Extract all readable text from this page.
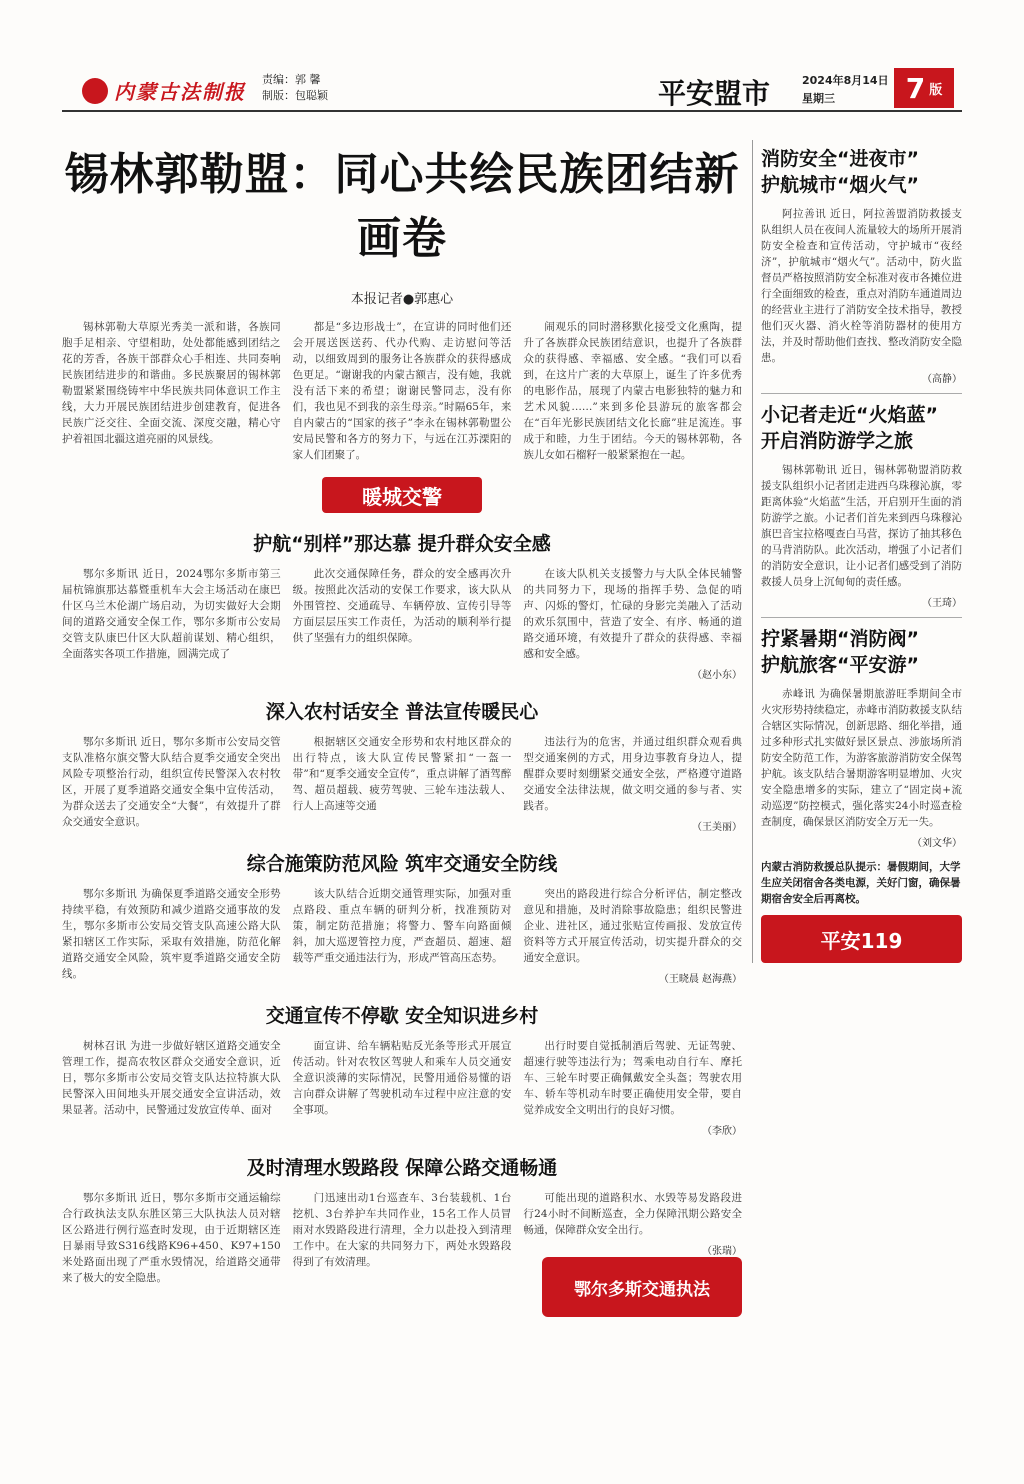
内蒙古法制报
责编：郭 馨
制版：包聪颖	平安盟市	2024年8月14日
星期三	7 版
锡林郭勒盟：同心共绘民族团结新画卷
本报记者●郭惠心

锡林郭勒大草原光秀美一派和谐，各族同胞手足相亲、守望相助，处处都能感到团结之花的芳香，各族干部群众心手相连、共同奏响民族团结进步的和谐曲。多民族聚居的锡林郭勒盟紧紧围绕铸牢中华民族共同体意识工作主线，大力开展民族团结进步创建教育，促进各民族广泛交往、全面交流、深度交融，精心守护着祖国北疆这道亮丽的风景线。

都是“多边形战士”，在宣讲的同时他们还会开展送医送药、代办代购、走访慰问等活动，以细致周到的服务让各族群众的获得感成色更足。“谢谢我的内蒙古额吉，没有她，我就没有活下来的希望；谢谢民警同志，没有你们，我也见不到我的亲生母亲。”时隔65年，来自内蒙古的“国家的孩子”李永在锡林郭勒盟公安局民警和各方的努力下，与远在江苏溧阳的家人们团聚了。

闹观乐的同时潜移默化接受文化熏陶，提升了各族群众民族团结意识，也提升了各族群众的获得感、幸福感、安全感。“我们可以看到，在这片广袤的大草原上，诞生了许多优秀的电影作品，展现了内蒙古电影独特的魅力和艺术风貌……”来到多伦县游玩的旅客都会在“百年光影民族团结文化长廊”驻足流连。事成于和睦，力生于团结。今天的锡林郭勒，各族儿女如石榴籽一般紧紧抱在一起。

暖城交警
护航“别样”那达慕 提升群众安全感

鄂尔多斯讯 近日，2024鄂尔多斯市第三届杭锦旗那达慕暨重机车大会主场活动在康巴什区乌兰木伦湖广场启动，为切实做好大会期间的道路交通安全保工作，鄂尔多斯市公安局交管支队康巴什区大队超前谋划、精心组织，全面落实各项工作措施，圆满完成了

此次交通保障任务，群众的安全感再次升级。按照此次活动的安保工作要求，该大队从外围管控、交通疏导、车辆停放、宣传引导等方面层层压实工作责任，为活动的顺利举行提供了坚强有力的组织保障。

在该大队机关支援警力与大队全体民辅警的共同努力下，现场的指挥手势、急促的哨声、闪烁的警灯，忙碌的身影完美融入了活动的欢乐氛围中，营造了安全、有序、畅通的道路交通环境，有效提升了群众的获得感、幸福感和安全感。

（赵小东）
深入农村话安全 普法宣传暖民心

鄂尔多斯讯 近日，鄂尔多斯市公安局交管支队准格尔旗交警大队结合夏季交通安全突出风险专项整治行动，组织宣传民警深入农村牧区，开展了夏季道路交通安全集中宣传活动，为群众送去了交通安全“大餐”，有效提升了群众交通安全意识。

根据辖区交通安全形势和农村地区群众的出行特点，该大队宣传民警紧扣“一盔一带”和“夏季交通安全宣传”，重点讲解了酒驾醉驾、超员超载、疲劳驾驶、三轮车违法载人、行人上高速等交通

违法行为的危害，并通过组织群众观看典型交通案例的方式，用身边事教育身边人，提醒群众要时刻绷紧交通安全弦，严格遵守道路交通安全法律法规，做文明交通的参与者、实践者。

（王美丽）
综合施策防范风险 筑牢交通安全防线

鄂尔多斯讯 为确保夏季道路交通安全形势持续平稳，有效预防和减少道路交通事故的发生，鄂尔多斯市公安局交管支队高速公路大队紧扣辖区工作实际，采取有效措施，防范化解道路交通安全风险，筑牢夏季道路交通安全防线。

该大队结合近期交通管理实际，加强对重点路段、重点车辆的研判分析，找准预防对策，制定防范措施；将警力、警车向路面倾斜，加大巡逻管控力度，严查超员、超速、超载等严重交通违法行为，形成严管高压态势。

突出的路段进行综合分析评估，制定整改意见和措施，及时消除事故隐患；组织民警进企业、进社区，通过张贴宣传画报、发放宣传资料等方式开展宣传活动，切实提升群众的交通安全意识。

（王晓晨 赵海燕）
交通宣传不停歇 安全知识进乡村

树林召讯 为进一步做好辖区道路交通安全管理工作，提高农牧区群众交通安全意识，近日，鄂尔多斯市公安局交管支队达拉特旗大队民警深入田间地头开展交通安全宣讲活动，效果显著。活动中，民警通过发放宣传单、面对

面宣讲、给车辆粘贴反光条等形式开展宣传活动。针对农牧区驾驶人和乘车人员交通安全意识淡薄的实际情况，民警用通俗易懂的语言向群众讲解了驾驶机动车过程中应注意的安全事项。

出行时要自觉抵制酒后驾驶、无证驾驶、超速行驶等违法行为；驾乘电动自行车、摩托车、三轮车时要正确佩戴安全头盔；驾驶农用车、轿车等机动车时要正确使用安全带，要自觉养成安全文明出行的良好习惯。

（李欣）
及时清理水毁路段 保障公路交通畅通

鄂尔多斯讯 近日，鄂尔多斯市交通运输综合行政执法支队东胜区第三大队执法人员对辖区公路进行例行巡查时发现，由于近期辖区连日暴雨导致S316线路K96+450、K97+150米处路面出现了严重水毁情况，给道路交通带来了极大的安全隐患。

门迅速出动1台巡查车、3台装载机、1台挖机、3台养护车共同作业，15名工作人员冒雨对水毁路段进行清理，全力以赴投入到清理工作中。在大家的共同努力下，两处水毁路段得到了有效清理。

可能出现的道路积水、水毁等易发路段进行24小时不间断巡查，全力保障汛期公路安全畅通，保障群众安全出行。

（张瑞）
鄂尔多斯交通执法
消防安全“进夜市”
护航城市“烟火气”

阿拉善讯 近日，阿拉善盟消防救援支队组织人员在夜间人流量较大的场所开展消防安全检查和宣传活动，守护城市“夜经济”，护航城市“烟火气”。活动中，防火监督员严格按照消防安全标准对夜市各摊位进行全面细致的检查，重点对消防车通道周边的经营业主进行了消防安全技术指导，教授他们灭火器、消火栓等消防器材的使用方法，并及时帮助他们查找、整改消防安全隐患。

（高静）
小记者走近“火焰蓝”
开启消防游学之旅

锡林郭勒讯 近日，锡林郭勒盟消防救援支队组织小记者团走进西乌珠穆沁旗，零距离体验“火焰蓝”生活，开启别开生面的消防游学之旅。小记者们首先来到西乌珠穆沁旗巴音宝拉格嘎查白马营，探访了抽其移色的马背消防队。此次活动，增强了小记者们的消防安全意识，让小记者们感受到了消防救援人员身上沉甸甸的责任感。

（王琦）
拧紧暑期“消防阀”
护航旅客“平安游”

赤峰讯 为确保暑期旅游旺季期间全市火灾形势持续稳定，赤峰市消防救援支队结合辖区实际情况，创新思路、细化举措，通过多种形式扎实做好景区景点、涉旅场所消防安全防范工作，为游客旅游消防安全保驾护航。该支队结合暑期游客明显增加、火灾安全隐患增多的实际，建立了“固定岗+流动巡逻”防控模式，强化落实24小时巡查检查制度，确保景区消防安全万无一失。

（刘文华）
内蒙古消防救援总队提示：暑假期间，大学生应关闭宿舍各类电源，关好门窗，确保暑期宿舍安全后再离校。
平安119
